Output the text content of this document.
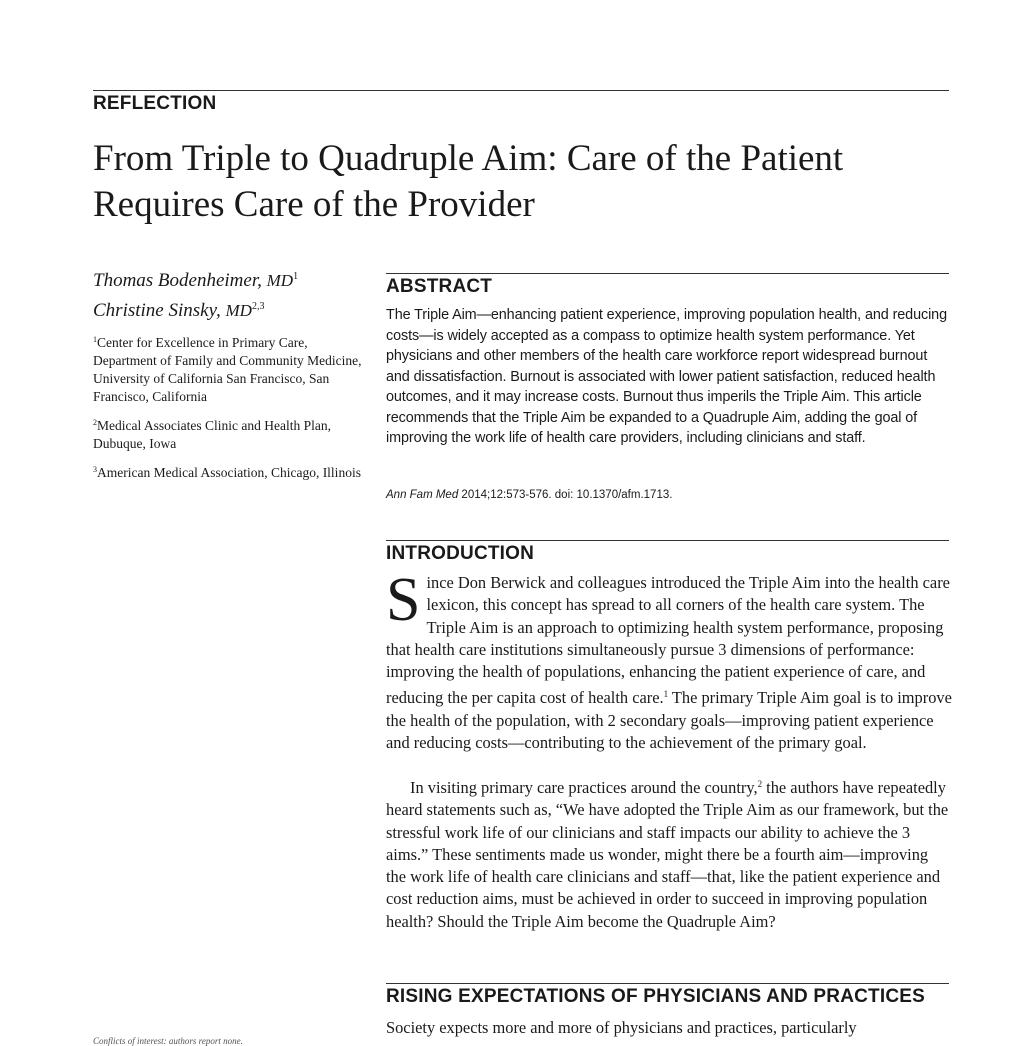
REFLECTION
From Triple to Quadruple Aim: Care of the Patient
Requires Care of the Provider

Thomas Bodenheimer, $MD^1$

Christine Sinsky, MD$^{2,3}$

$^1$Center for Excellence in Primary Care, Department of Family and Community Medicine, University of California San Francisco, San Francisco, California

$^2$Medical Associates Clinic and Health Plan, Dubuque, Iowa

$^3$American Medical Association, Chicago, Illinois

ABSTRACT

The Triple Aim—enhancing patient experience, improving population health, and reducing costs—is widely accepted as a compass to optimize health system performance. Yet physicians and other members of the health care workforce report widespread burnout and dissatisfaction. Burnout is associated with lower patient satisfaction, reduced health outcomes, and it may increase costs. Burnout thus imperils the Triple Aim. This article recommends that the Triple Aim be expanded to a Quadruple Aim, adding the goal of improving the work life of health care providers, including clinicians and staff.

Ann Fam Med 2014;12:573-576. doi: 10.1370/afm.1713.

INTRODUCTION

Since Don Berwick and colleagues introduced the Triple Aim into the health care lexicon, this concept has spread to all corners of the health care system. The Triple Aim is an approach to optimizing health system performance, proposing that health care institutions simultaneously pursue 3 dimensions of performance: improving the health of populations, enhancing the patient experience of care, and reducing the per capita cost of health care.$^1$ The primary Triple Aim goal is to improve the health of the population, with 2 secondary goals—improving patient experience and reducing costs—contributing to the achievement of the primary goal.

In visiting primary care practices around the country,$^2$ the authors have repeatedly heard statements such as, “We have adopted the Triple Aim as our framework, but the stressful work life of our clinicians and staff impacts our ability to achieve the 3 aims.” These sentiments made us wonder, might there be a fourth aim—improving the work life of health care clinicians and staff—that, like the patient experience and cost reduction aims, must be achieved in order to succeed in improving population health? Should the Triple Aim become the Quadruple Aim?

RISING EXPECTATIONS OF PHYSICIANS AND PRACTICES

Society expects more and more of physicians and practices, particularly

Conflicts of interest: authors report none.
